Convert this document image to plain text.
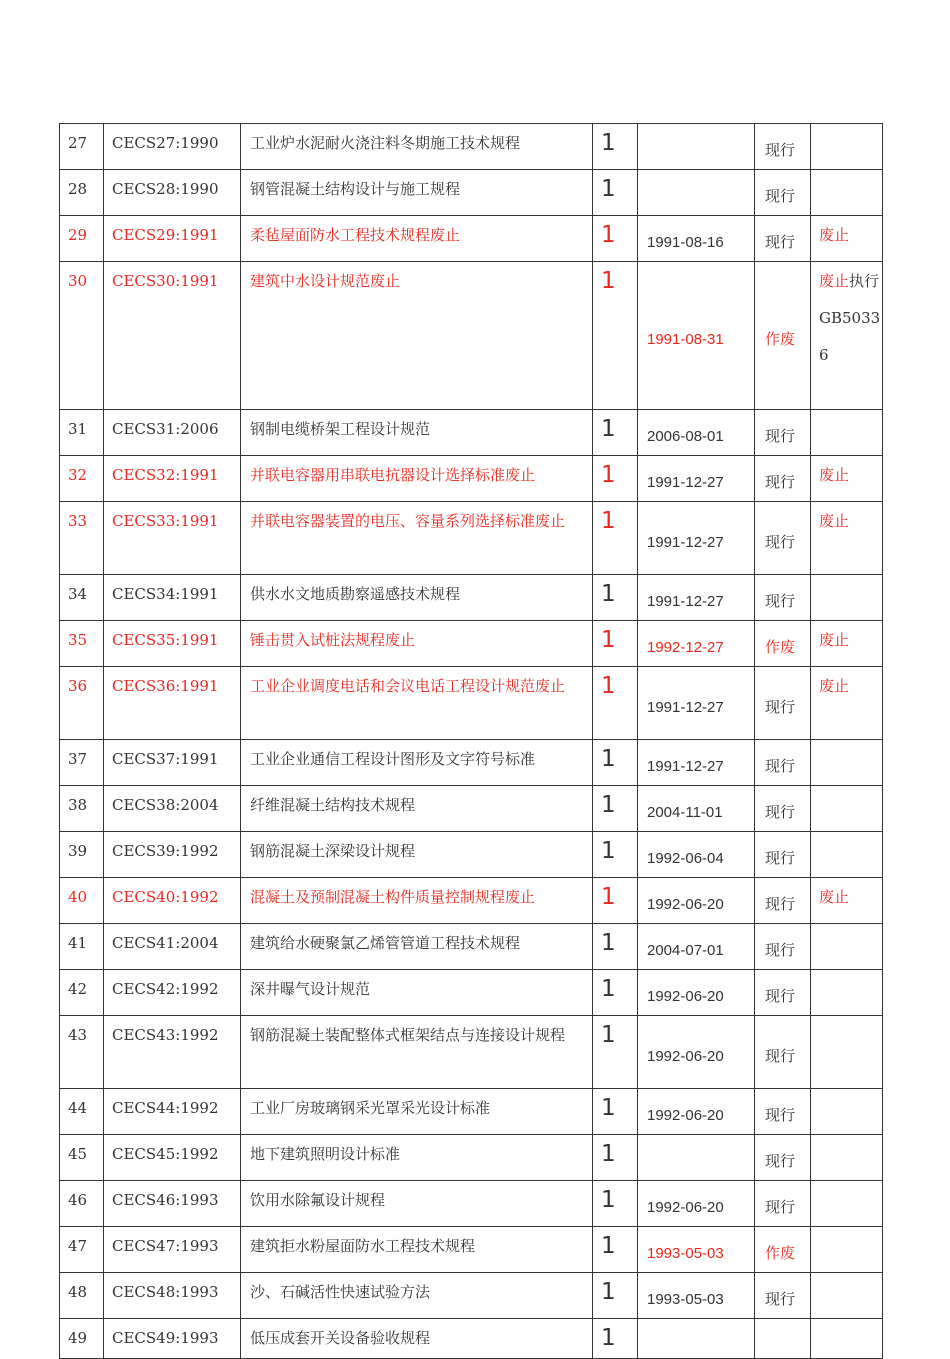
27	CECS27:1990	工业炉水泥耐火浇注料冬期施工技术规程	1		现行	
28	CECS28:1990	钢管混凝土结构设计与施工规程	1		现行	
29	CECS29:1991	柔毡屋面防水工程技术规程废止	1	1991-08-16	现行	废止
30	CECS30:1991	建筑中水设计规范废止	1	1991-08-31	作废	废止执行GB50336
31	CECS31:2006	钢制电缆桥架工程设计规范	1	2006-08-01	现行	
32	CECS32:1991	并联电容器用串联电抗器设计选择标准废止	1	1991-12-27	现行	废止
33	CECS33:1991	并联电容器装置的电压、容量系列选择标准废止	1	1991-12-27	现行	废止
34	CECS34:1991	供水水文地质勘察遥感技术规程	1	1991-12-27	现行	
35	CECS35:1991	锤击贯入试桩法规程废止	1	1992-12-27	作废	废止
36	CECS36:1991	工业企业调度电话和会议电话工程设计规范废止	1	1991-12-27	现行	废止
37	CECS37:1991	工业企业通信工程设计图形及文字符号标准	1	1991-12-27	现行	
38	CECS38:2004	纤维混凝土结构技术规程	1	2004-11-01	现行	
39	CECS39:1992	钢筋混凝土深梁设计规程	1	1992-06-04	现行	
40	CECS40:1992	混凝土及预制混凝土构件质量控制规程废止	1	1992-06-20	现行	废止
41	CECS41:2004	建筑给水硬聚氯乙烯管管道工程技术规程	1	2004-07-01	现行	
42	CECS42:1992	深井曝气设计规范	1	1992-06-20	现行	
43	CECS43:1992	钢筋混凝土装配整体式框架结点与连接设计规程	1	1992-06-20	现行	
44	CECS44:1992	工业厂房玻璃钢采光罩采光设计标准	1	1992-06-20	现行	
45	CECS45:1992	地下建筑照明设计标准	1		现行	
46	CECS46:1993	饮用水除氟设计规程	1	1992-06-20	现行	
47	CECS47:1993	建筑拒水粉屋面防水工程技术规程	1	1993-05-03	作废	
48	CECS48:1993	沙、石碱活性快速试验方法	1	1993-05-03	现行	
49	CECS49:1993	低压成套开关设备验收规程	1			
